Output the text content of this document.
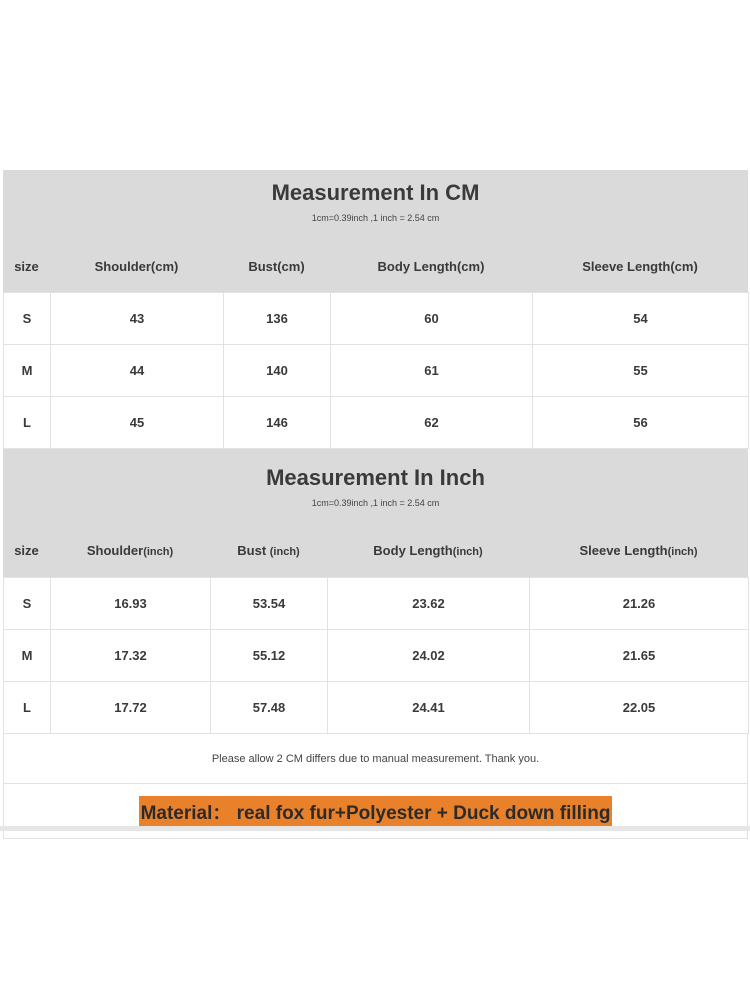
Measurement In CM
1cm=0.39inch ,1 inch = 2.54 cm
size	Shoulder(cm)	Bust(cm)	Body Length(cm)	Sleeve Length(cm)
S	43	136	60	54
M	44	140	61	55
L	45	146	62	56
Measurement In Inch
1cm=0.39inch ,1 inch = 2.54 cm
size	Shoulder(inch)	Bust (inch)	Body Length(inch)	Sleeve Length(inch)
S	16.93	53.54	23.62	21.26
M	17.32	55.12	24.02	21.65
L	17.72	57.48	24.41	22.05
Please allow 2 CM differs due to manual measurement. Thank you.
Material： real fox fur+Polyester + Duck down filling
